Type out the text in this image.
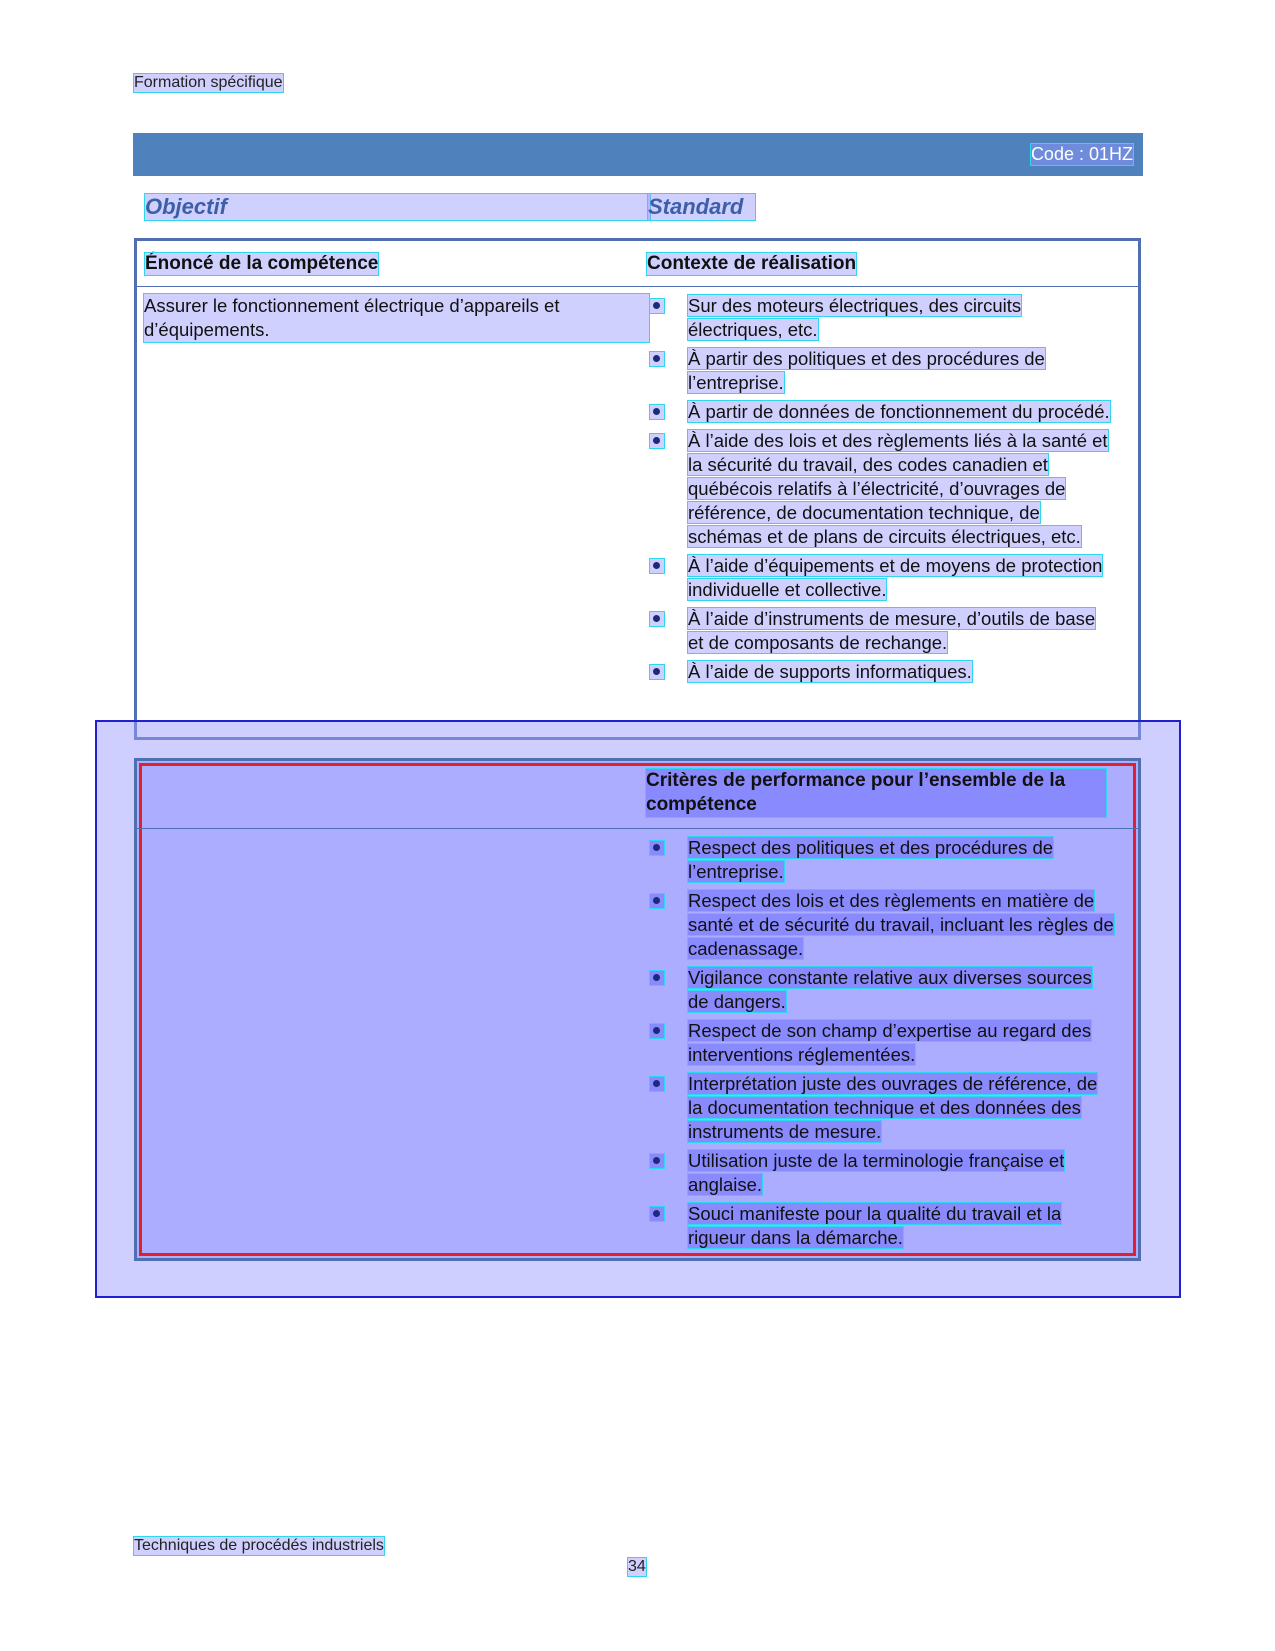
Formation spécifique
Code : 01HZ
Objectif	Standard
Énoncé de la compétence	Contexte de réalisation
Assurer le fonctionnement électrique d’appareils et d’équipements.
Sur des moteurs électriques, des circuits électriques, etc.
À partir des politiques et des procédures de l’entreprise.
À partir de données de fonctionnement du procédé.
À l’aide des lois et des règlements liés à la santé et la sécurité du travail, des codes canadien et québécois relatifs à l’électricité, d’ouvrages de référence, de documentation technique, de schémas et de plans de circuits électriques, etc.
À l’aide d’équipements et de moyens de protection individuelle et collective.
À l’aide d’instruments de mesure, d’outils de base et de composants de rechange.
À l’aide de supports informatiques.
Critères de performance pour l’ensemble de la compétence
Respect des politiques et des procédures de l’entreprise.
Respect des lois et des règlements en matière de santé et de sécurité du travail, incluant les règles de cadenassage.
Vigilance constante relative aux diverses sources de dangers.
Respect de son champ d’expertise au regard des interventions réglementées.
Interprétation juste des ouvrages de référence, de la documentation technique et des données des instruments de mesure.
Utilisation juste de la terminologie française et anglaise.
Souci manifeste pour la qualité du travail et la rigueur dans la démarche.
Techniques de procédés industriels
34
